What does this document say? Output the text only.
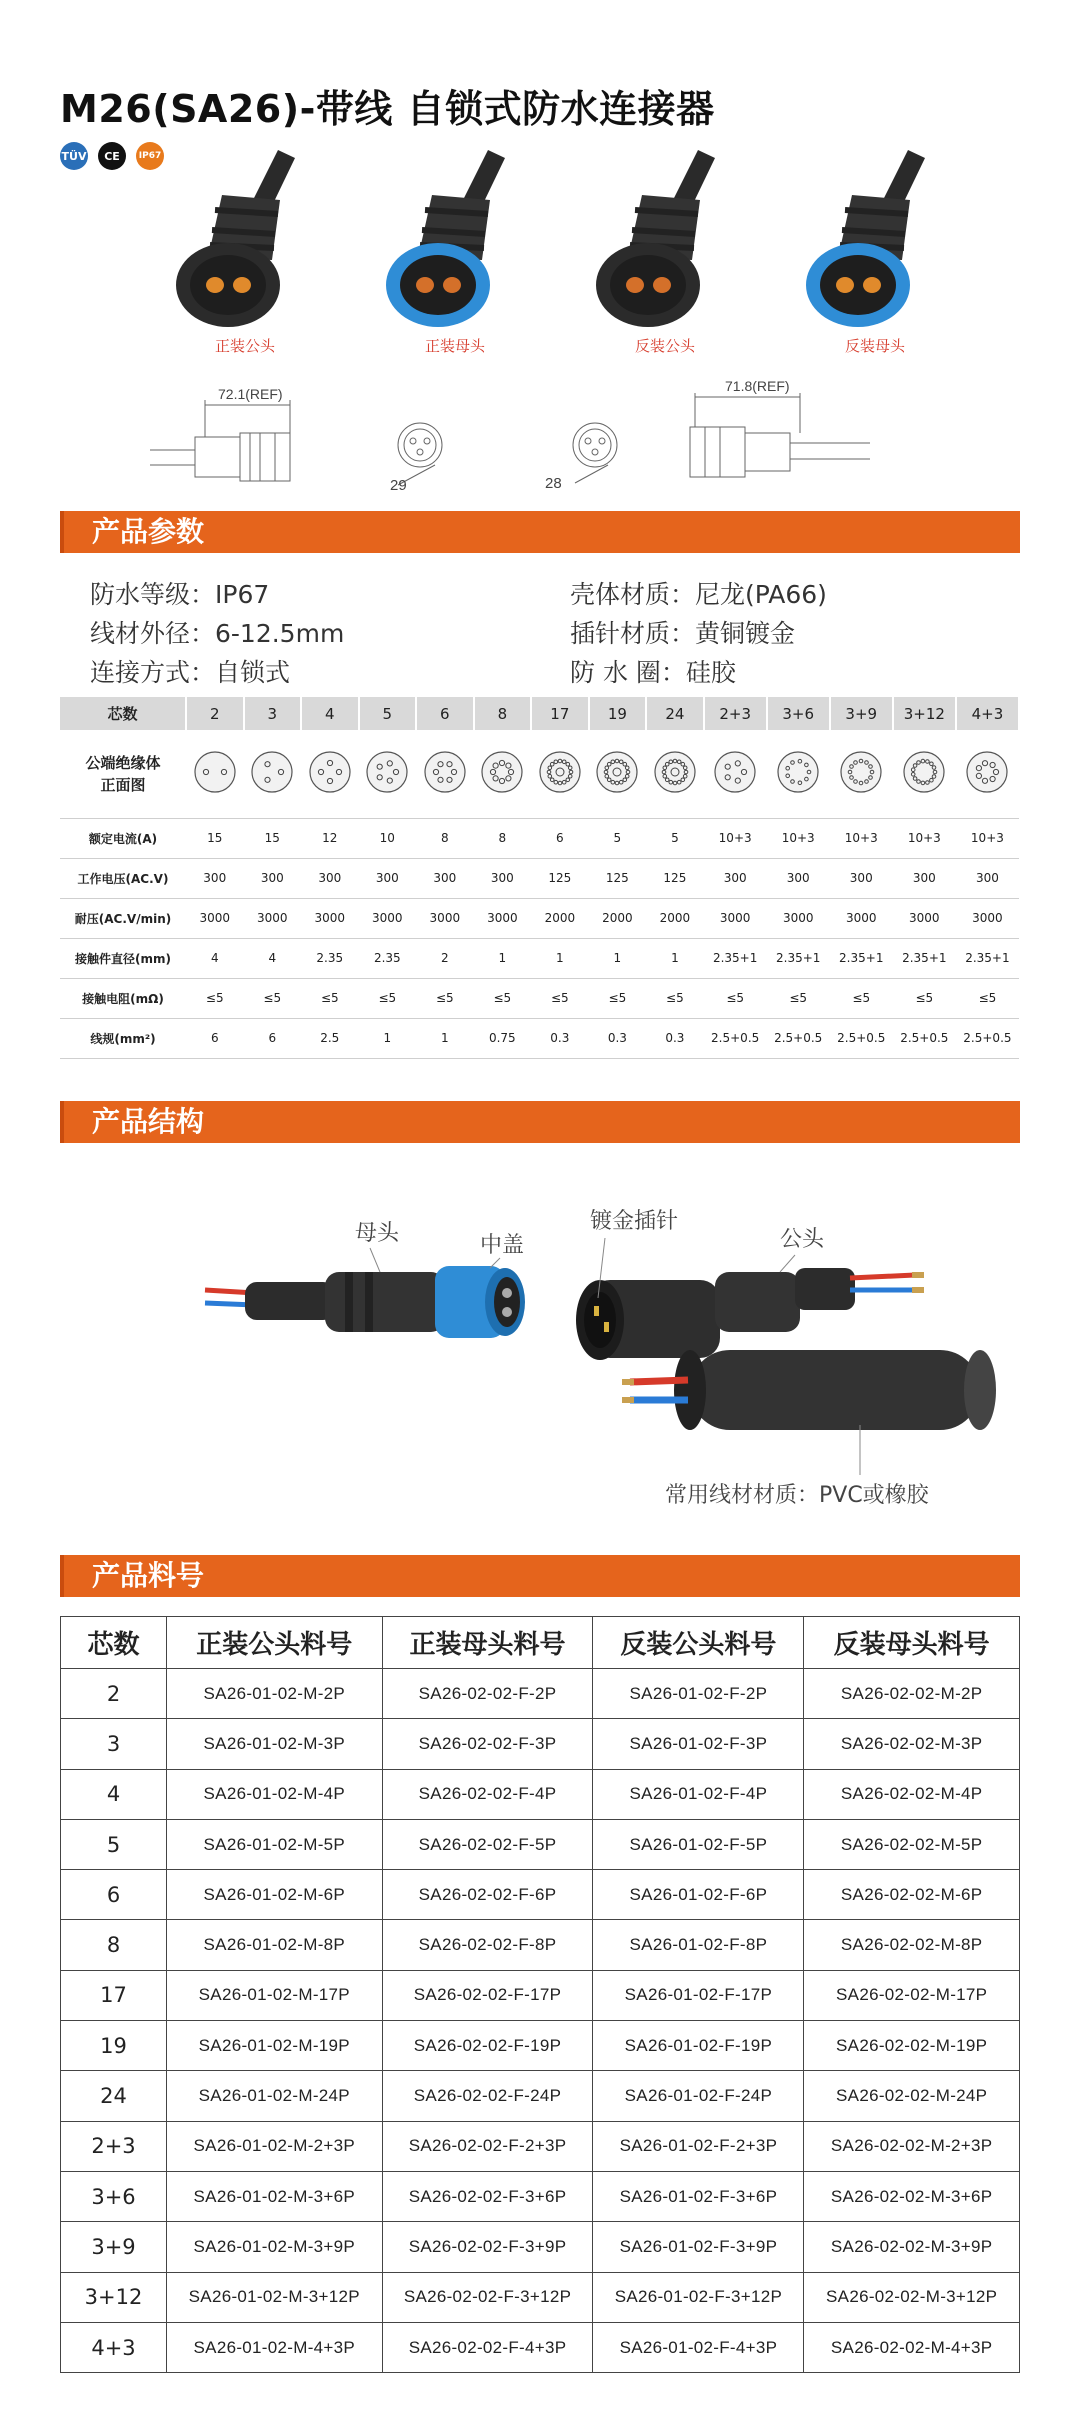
M26(SA26)-带线 自锁式防水连接器
TÜV	CE	IP67
正装公头	正装母头	反装公头	反装母头
72.1(REF)
29	28
71.8(REF)
产品参数
防水等级：IP67	壳体材质：尼龙(PA66)
线材外径：6-12.5mm	插针材质：黄铜镀金
连接方式：自锁式	防 水 圈：硅胶
芯数	2	3	4	5	6	8	17	19	24	2+3	3+6	3+9	3+12	4+3
公端绝缘体
正面图														
额定电流(A)	15	15	12	10	8	8	6	5	5	10+3	10+3	10+3	10+3	10+3
工作电压(AC.V)	300	300	300	300	300	300	125	125	125	300	300	300	300	300
耐压(AC.V/min)	3000	3000	3000	3000	3000	3000	2000	2000	2000	3000	3000	3000	3000	3000
接触件直径(mm)	4	4	2.35	2.35	2	1	1	1	1	2.35+1	2.35+1	2.35+1	2.35+1	2.35+1
接触电阻(mΩ)	≤5	≤5	≤5	≤5	≤5	≤5	≤5	≤5	≤5	≤5	≤5	≤5	≤5	≤5
线规(mm²)	6	6	2.5	1	1	0.75	0.3	0.3	0.3	2.5+0.5	2.5+0.5	2.5+0.5	2.5+0.5	2.5+0.5
产品结构
母头	中盖
镀金插针
公头
常用线材材质：PVC或橡胶
产品料号
芯数	正装公头料号	正装母头料号	反装公头料号	反装母头料号
2	SA26-01-02-M-2P	SA26-02-02-F-2P	SA26-01-02-F-2P	SA26-02-02-M-2P
3	SA26-01-02-M-3P	SA26-02-02-F-3P	SA26-01-02-F-3P	SA26-02-02-M-3P
4	SA26-01-02-M-4P	SA26-02-02-F-4P	SA26-01-02-F-4P	SA26-02-02-M-4P
5	SA26-01-02-M-5P	SA26-02-02-F-5P	SA26-01-02-F-5P	SA26-02-02-M-5P
6	SA26-01-02-M-6P	SA26-02-02-F-6P	SA26-01-02-F-6P	SA26-02-02-M-6P
8	SA26-01-02-M-8P	SA26-02-02-F-8P	SA26-01-02-F-8P	SA26-02-02-M-8P
17	SA26-01-02-M-17P	SA26-02-02-F-17P	SA26-01-02-F-17P	SA26-02-02-M-17P
19	SA26-01-02-M-19P	SA26-02-02-F-19P	SA26-01-02-F-19P	SA26-02-02-M-19P
24	SA26-01-02-M-24P	SA26-02-02-F-24P	SA26-01-02-F-24P	SA26-02-02-M-24P
2+3	SA26-01-02-M-2+3P	SA26-02-02-F-2+3P	SA26-01-02-F-2+3P	SA26-02-02-M-2+3P
3+6	SA26-01-02-M-3+6P	SA26-02-02-F-3+6P	SA26-01-02-F-3+6P	SA26-02-02-M-3+6P
3+9	SA26-01-02-M-3+9P	SA26-02-02-F-3+9P	SA26-01-02-F-3+9P	SA26-02-02-M-3+9P
3+12	SA26-01-02-M-3+12P	SA26-02-02-F-3+12P	SA26-01-02-F-3+12P	SA26-02-02-M-3+12P
4+3	SA26-01-02-M-4+3P	SA26-02-02-F-4+3P	SA26-01-02-F-4+3P	SA26-02-02-M-4+3P
